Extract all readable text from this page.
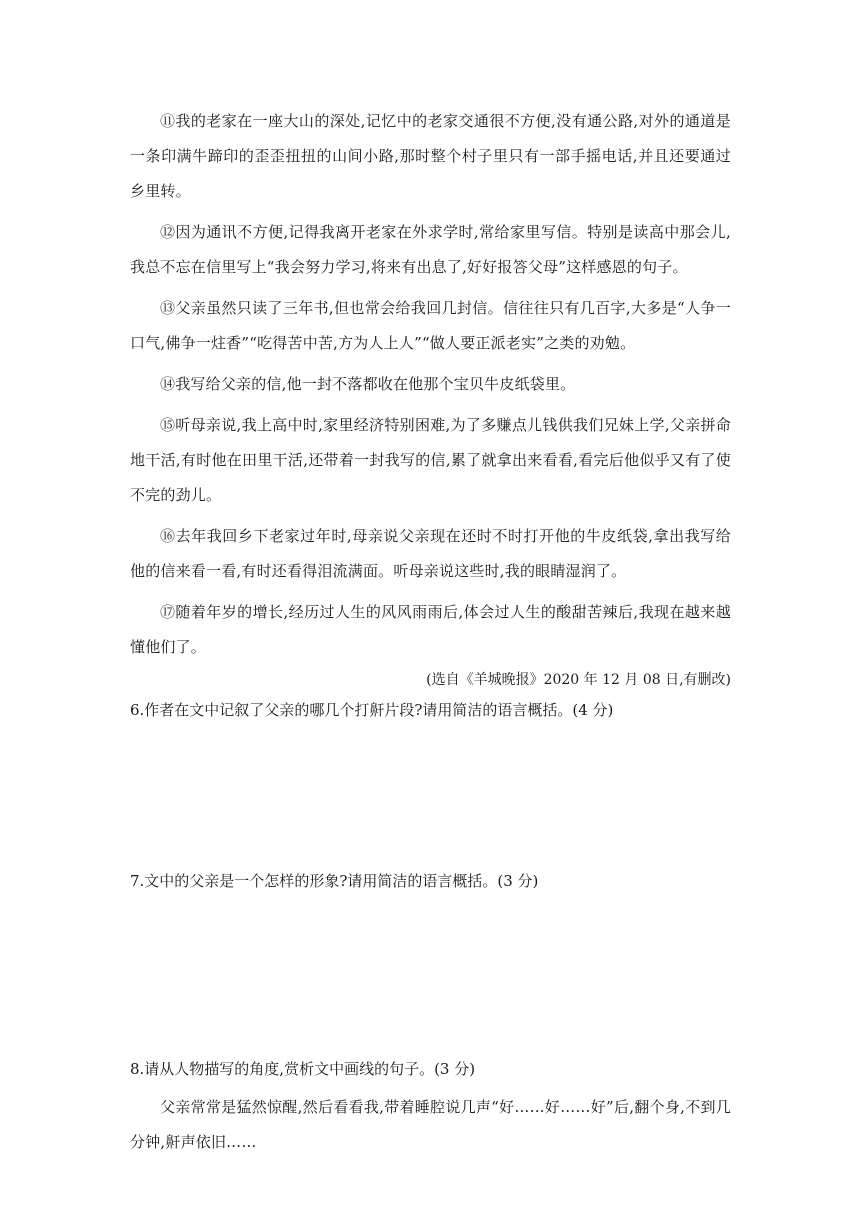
⑪我的老家在一座大山的深处,记忆中的老家交通很不方便,没有通公路,对外的通道是一条印满牛蹄印的歪歪扭扭的山间小路,那时整个村子里只有一部手摇电话,并且还要通过乡里转。

⑫因为通讯不方便,记得我离开老家在外求学时,常给家里写信。特别是读高中那会儿,我总不忘在信里写上“我会努力学习,将来有出息了,好好报答父母”这样感恩的句子。

⑬父亲虽然只读了三年书,但也常会给我回几封信。信往往只有几百字,大多是“人争一口气,佛争一炷香”“吃得苦中苦,方为人上人”“做人要正派老实”之类的劝勉。

⑭我写给父亲的信,他一封不落都收在他那个宝贝牛皮纸袋里。

⑮听母亲说,我上高中时,家里经济特别困难,为了多赚点儿钱供我们兄妹上学,父亲拼命地干活,有时他在田里干活,还带着一封我写的信,累了就拿出来看看,看完后他似乎又有了使不完的劲儿。

⑯去年我回乡下老家过年时,母亲说父亲现在还时不时打开他的牛皮纸袋,拿出我写给他的信来看一看,有时还看得泪流满面。听母亲说这些时,我的眼睛湿润了。

⑰随着年岁的增长,经历过人生的风风雨雨后,体会过人生的酸甜苦辣后,我现在越来越懂他们了。

(选自《羊城晚报》2020 年 12 月 08 日,有删改)

6.作者在文中记叙了父亲的哪几个打鼾片段?请用简洁的语言概括。(4 分)

7.文中的父亲是一个怎样的形象?请用简洁的语言概括。(3 分)

8.请从人物描写的角度,赏析文中画线的句子。(3 分)

父亲常常是猛然惊醒,然后看看我,带着睡腔说几声“好……好……好”后,翻个身,不到几分钟,鼾声依旧……
